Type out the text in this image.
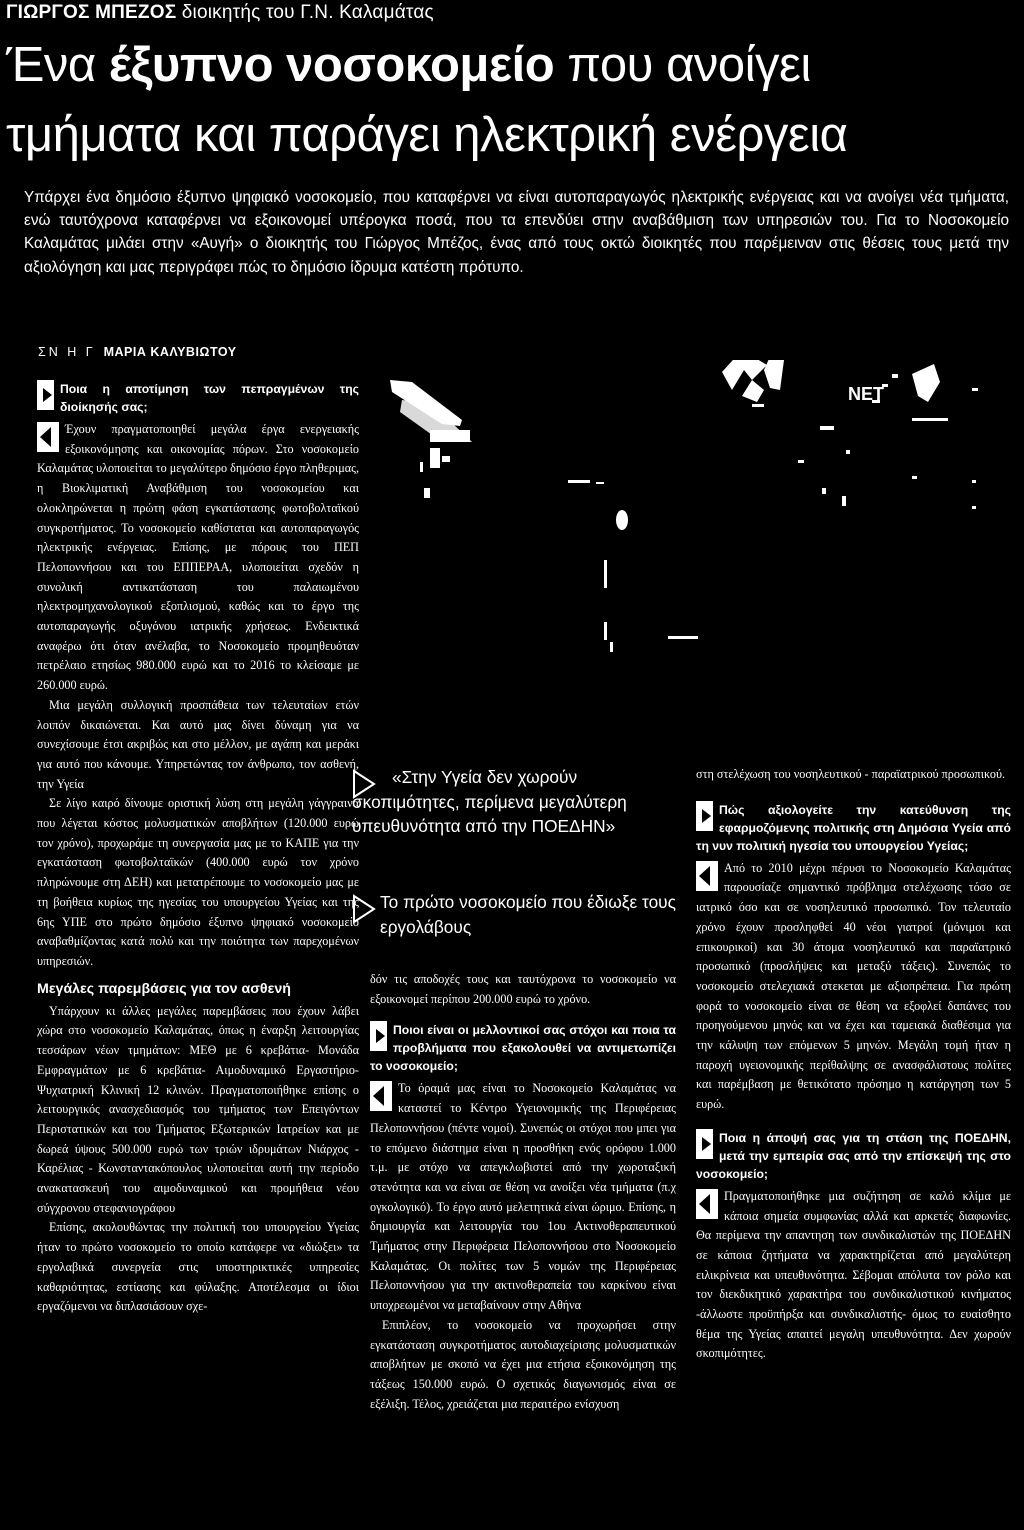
ΓΙΩΡΓΟΣ ΜΠΕΖΟΣ διοικητής του Γ.Ν. Καλαμάτας
Ένα έξυπνο νοσοκομείο που ανοίγει
τμήματα και παράγει ηλεκτρική ενέργεια
Υπάρχει ένα δημόσιο έξυπνο ψηφιακό νοσοκομείο, που καταφέρνει να είναι αυτοπαραγωγός ηλεκτρικής ενέργειας και να ανοίγει νέα τμήματα, ενώ ταυτόχρονα καταφέρνει να εξοικονομεί υπέρογκα ποσά, που τα επενδύει στην αναβάθμιση των υπηρεσιών του. Για το Νοσοκομείο Καλαμάτας μιλάει στην «Αυγή» ο διοικητής του Γιώργος Μπέζος, ένας από τους οκτώ διοικητές που παρέμειναν στις θέσεις τους μετά την αξιολόγηση και μας περιγράφει πώς το δημόσιο ίδρυμα κατέστη πρότυπο.
ΣΝ Η Γ ΜΑΡΙΑ ΚΑΛΥΒΙΩΤΟΥ
ΝΕΤ
Ποια η αποτίμηση των πεπραγμένων της διοίκησής σας;

Έχουν πραγματοποιηθεί μεγάλα έργα ενεργειακής εξοικονόμησης και οικονομίας πόρων. Στο νοσοκομείο Καλαμάτας υλοποιείται το μεγαλύτερο δημόσιο έργο πληθεριμας, η Βιοκλιματική Αναβάθμιση του νοσοκομείου και ολοκληρώνεται η πρώτη φάση εγκατάστασης φωτοβολταϊκού συγκροτήματος. Το νοσοκομείο καθίσταται και αυτοπαραγωγός ηλεκτρικής ενέργειας. Επίσης, με πόρους του ΠΕΠ Πελοποννήσου και του ΕΠΠΕΡΑΑ, υλοποιείται σχεδόν η συνολική αντικατάσταση του παλαιωμένου ηλεκτρομηχανολογικού εξοπλισμού, καθώς και το έργο της αυτοπαραγωγής οξυγόνου ιατρικής χρήσεως. Ενδεικτικά αναφέρω ότι όταν ανέλαβα, το Νοσοκομείο προμηθευόταν πετρέλαιο ετησίως 980.000 ευρώ και το 2016 το κλείσαμε με 260.000 ευρώ.

Μια μεγάλη συλλογική προσπάθεια των τελευταίων ετών λοιπόν δικαιώνεται. Και αυτό μας δίνει δύναμη για να συνεχίσουμε έτσι ακριβώς και στο μέλλον, με αγάπη και μεράκι για αυτό που κάνουμε. Υπηρετώντας τον άνθρωπο, τον ασθενή, την Υγεία

Σε λίγο καιρό δίνουμε οριστική λύση στη μεγάλη γάγγραινα που λέγεται κόστος μολυσματικών αποβλήτων (120.000 ευρώ τον χρόνο), προχωράμε τη συνεργασία μας με το ΚΑΠΕ για την εγκατάσταση φωτοβολταϊκών (400.000 ευρώ τον χρόνο πληρώνουμε στη ΔΕΗ) και μετατρέπουμε το νοσοκομείο μας με τη βοήθεια κυρίως της ηγεσίας του υπουργείου Υγείας και της 6ης ΥΠΕ στο πρώτο δημόσιο έξυπνο ψηφιακό νοσοκομείο αναβαθμίζοντας κατά πολύ και την ποιότητα των παρεχομένων υπηρεσιών.

Μεγάλες παρεμβάσεις για τον ασθενή

Υπάρχουν κι άλλες μεγάλες παρεμβάσεις που έχουν λάβει χώρα στο νοσοκομείο Καλαμάτας, όπως η έναρξη λειτουργίας τεσσάρων νέων τμημάτων: ΜΕΘ με 6 κρεβάτια- Μονάδα Εμφραγμάτων με 6 κρεβάτια- Αιμοδυναμικό Εργαστήριο- Ψυχιατρική Κλινική 12 κλινών. Πραγματοποιήθηκε επίσης ο λειτουργικός ανασχεδιασμός του τμήματος των Επειγόντων Περιστατικών και του Τμήματος Εξωτερικών Ιατρείων και με δωρεά ύψους 500.000 ευρώ των τριών ιδρυμάτων Νιάρχος - Καρέλιας - Κωνσταντακόπουλος υλοποιείται αυτή την περίοδο ανακατασκευή του αιμοδυναμικού και προμήθεια νέου σύγχρονου στεφανιογράφου

Επίσης, ακολουθώντας την πολιτική του υπουργείου Υγείας ήταν το πρώτο νοσοκομείο το οποίο κατάφερε να «διώξει» τα εργολαβικά συνεργεία στις υποστηρικτικές υπηρεσίες καθαριότητας, εστίασης και φύλαξης. Αποτέλεσμα οι ίδιοι εργαζόμενοι να διπλασιάσουν σχε-

«Στην Υγεία δεν χωρούν σκοπιμότητες, περίμενα μεγαλύτερη υπευθυνότητα από την ΠΟΕΔΗΝ»
Το πρώτο νοσοκομείο που έδιωξε τους εργολάβους

δόν τις αποδοχές τους και ταυτόχρονα το νοσοκομείο να εξοικονομεί περίπου 200.000 ευρώ το χρόνο.

Ποιοι είναι οι μελλοντικοί σας στόχοι και ποια τα προβλήματα που εξακολουθεί να αντιμετωπίζει το νοσοκομείο;

Το όραμά μας είναι το Νοσοκομείο Καλαμάτας να καταστεί το Κέντρο Υγειονομικής της Περιφέρειας Πελοποννήσου (πέντε νομοί). Συνεπώς οι στόχοι που μπει για το επόμενο διάστημα είναι η προσθήκη ενός ορόφου 1.000 τ.μ. με στόχο να απεγκλωβιστεί από την χωροταξική στενότητα και να είναι σε θέση να ανοίξει νέα τμήματα (π.χ ογκολογικό). Το έργο αυτό μελετητικά είναι ώριμο. Επίσης, η δημιουργία και λειτουργία του 1ου Ακτινοθεραπευτικού Τμήματος στην Περιφέρεια Πελοποννήσου στο Νοσοκομείο Καλαμάτας. Οι πολίτες των 5 νομών της Περιφέρειας Πελοποννήσου για την ακτινοθεραπεία του καρκίνου είναι υποχρεωμένοι να μεταβαίνουν στην Αθήνα

Επιπλέον, το νοσοκομείο να προχωρήσει στην εγκατάσταση συγκροτήματος αυτοδιαχείρισης μολυσματικών αποβλήτων με σκοπό να έχει μια ετήσια εξοικονόμηση της τάξεως 150.000 ευρώ. Ο σχετικός διαγωνισμός είναι σε εξέλιξη. Τέλος, χρειάζεται μια περαιτέρω ενίσχυση

στη στελέχωση του νοσηλευτικού - παραϊατρικού προσωπικού.

Πώς αξιολογείτε την κατεύθυνση της εφαρμοζόμενης πολιτικής στη Δημόσια Υγεία από τη νυν πολιτική ηγεσία του υπουργείου Υγείας;

Από το 2010 μέχρι πέρυσι το Νοσοκομείο Καλαμάτας παρουσίαζε σημαντικό πρόβλημα στελέχωσης τόσο σε ιατρικό όσο και σε νοσηλευτικό προσωπικό. Τον τελευταίο χρόνο έχουν προσληφθεί 40 νέοι γιατροί (μόνιμοι και επικουρικοί) και 30 άτομα νοσηλευτικό και παραϊατρικό προσωπικό (προσλήψεις και μεταξύ τάξεις). Συνεπώς το νοσοκομείο στελεχιακά στεκεται με αξιοπρέπεια. Για πρώτη φορά το νοσοκομείο είναι σε θέση να εξοφλεί δαπάνες του προηγούμενου μηνός και να έχει και ταμειακά διαθέσιμα για την κάλυψη των επόμενων 5 μηνών. Μεγάλη τομή ήταν η παροχή υγειονομικής περίθαλψης σε ανασφάλιστους πολίτες και παρέμβαση με θετικότατο πρόσημο η κατάργηση των 5 ευρώ.

Ποια η άποψή σας για τη στάση της ΠΟΕΔΗΝ, μετά την εμπειρία σας από την επίσκεψή της στο νοσοκομείο;

Πραγματοποιήθηκε μια συζήτηση σε καλό κλίμα με κάποια σημεία συμφωνίας αλλά και αρκετές διαφωνίες. Θα περίμενα την απαντηση των συνδικαλιστών της ΠΟΕΔΗΝ σε κάποια ζητήματα να χαρακτηρίζεται από μεγαλύτερη ειλικρίνεια και υπευθυνότητα. Σέβομαι απόλυτα τον ρόλο και τον διεκδικητικό χαρακτήρα του συνδικαλιστικού κινήματος -άλλωστε προϋπήρξα και συνδικαλιστής- όμως το ευαίσθητο θέμα της Υγείας απαιτεί μεγαλη υπευθυνότητα. Δεν χωρούν σκοπιμότητες.
